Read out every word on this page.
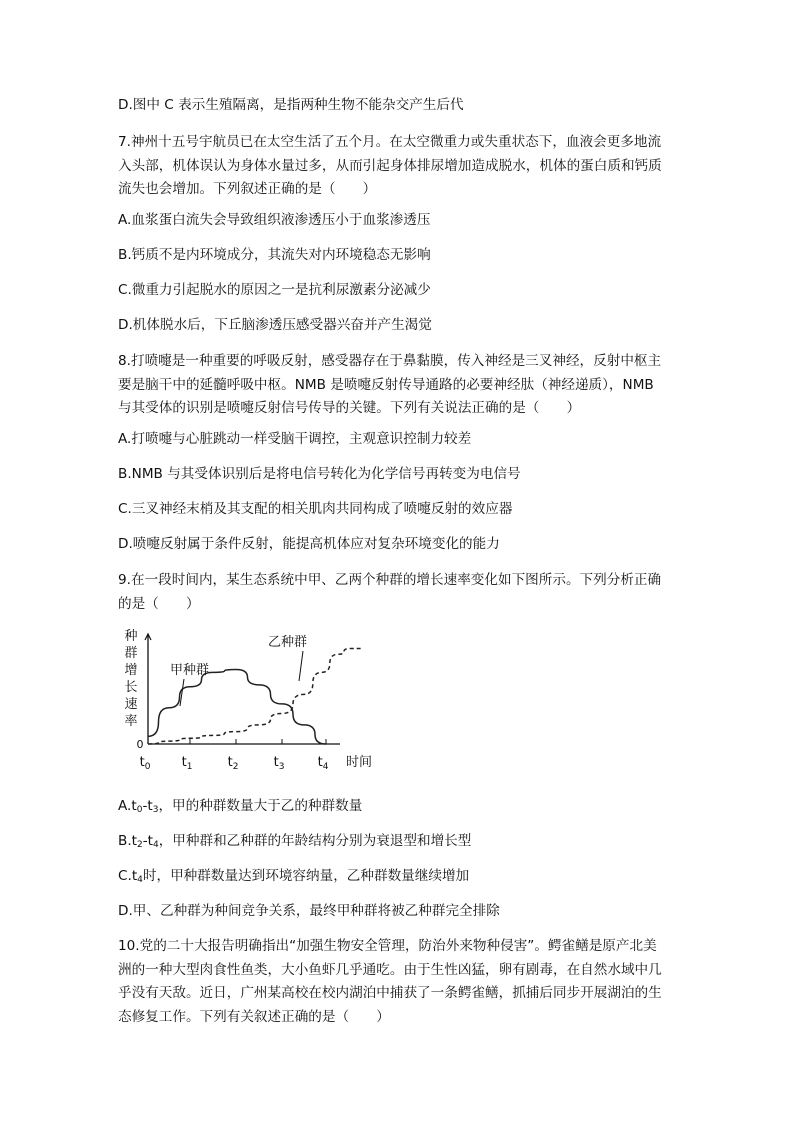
D.图中 C 表示生殖隔离，是指两种生物不能杂交产生后代
7.神州十五号宇航员已在太空生活了五个月。在太空微重力或失重状态下，血液会更多地流
入头部，机体误认为身体水量过多，从而引起身体排尿增加造成脱水，机体的蛋白质和钙质
流失也会增加。下列叙述正确的是（　　）
A.血浆蛋白流失会导致组织液渗透压小于血浆渗透压
B.钙质不是内环境成分，其流失对内环境稳态无影响
C.微重力引起脱水的原因之一是抗利尿激素分泌减少
D.机体脱水后，下丘脑渗透压感受器兴奋并产生渴觉
8.打喷嚏是一种重要的呼吸反射，感受器存在于鼻黏膜，传入神经是三叉神经，反射中枢主
要是脑干中的延髓呼吸中枢。NMB 是喷嚏反射传导通路的必要神经肽（神经递质），NMB
与其受体的识别是喷嚏反射信号传导的关键。下列有关说法正确的是（　　）
A.打喷嚏与心脏跳动一样受脑干调控，主观意识控制力较差
B.NMB 与其受体识别后是将电信号转化为化学信号再转变为电信号
C.三叉神经末梢及其支配的相关肌肉共同构成了喷嚏反射的效应器
D.喷嚏反射属于条件反射，能提高机体应对复杂环境变化的能力
9.在一段时间内，某生态系统中甲、乙两个种群的增长速率变化如下图所示。下列分析正确
的是（　　）
种
群
增
长
速
率
0
$t_0$ $t_1$	$t_2$	$t_3$	$t_4$ 时间
甲种群
乙种群
$A.t_0-t_3$，甲的种群数量大于乙的种群数量
$B.t_2-t_4$，甲种群和乙种群的年龄结构分别为衰退型和增长型
$C.t_4$时，甲种群数量达到环境容纳量，乙种群数量继续增加
D.甲、乙种群为种间竞争关系，最终甲种群将被乙种群完全排除
10.党的二十大报告明确指出“加强生物安全管理，防治外来物种侵害”。鳄雀鳝是原产北美
洲的一种大型肉食性鱼类，大小鱼虾几乎通吃。由于生性凶猛，卵有剧毒，在自然水域中几
乎没有天敌。近日，广州某高校在校内湖泊中捕获了一条鳄雀鳝，抓捕后同步开展湖泊的生
态修复工作。下列有关叙述正确的是（　　）
